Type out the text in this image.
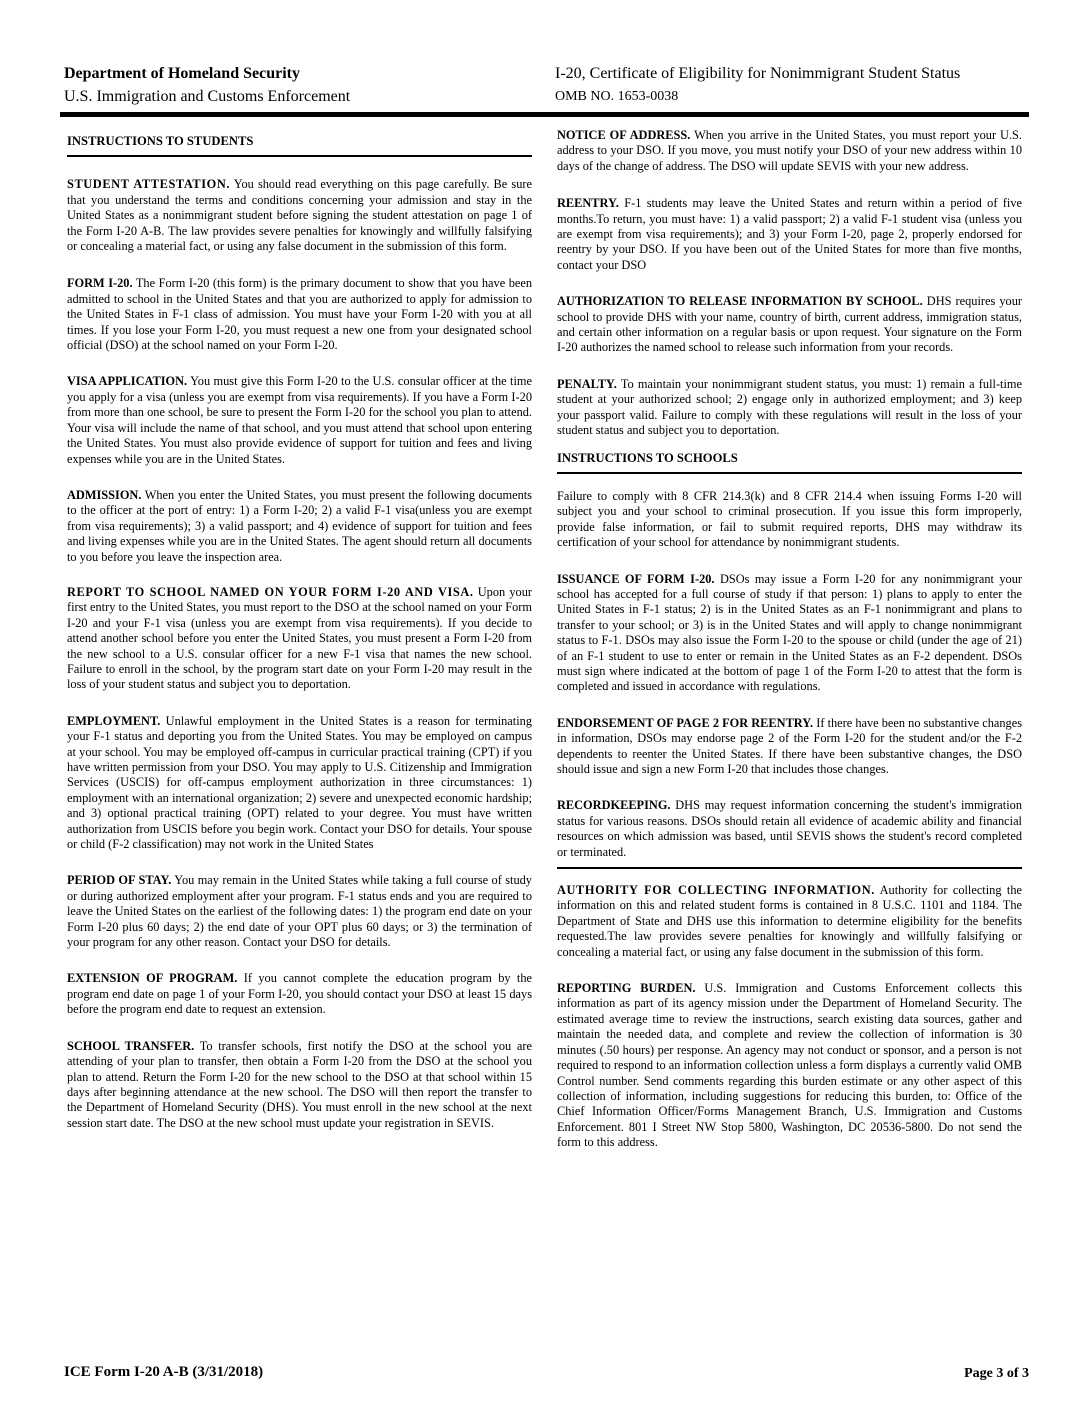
Department of Homeland Security
U.S. Immigration and Customs Enforcement
I-20, Certificate of Eligibility for Nonimmigrant Student Status
OMB NO. 1653-0038

INSTRUCTIONS TO STUDENTS

STUDENT ATTESTATION. You should read everything on this page carefully. Be sure that you understand the terms and conditions concerning your admission and stay in the United States as a nonimmigrant student before signing the student attestation on page 1 of the Form I-20 A-B. The law provides severe penalties for knowingly and willfully falsifying or concealing a material fact, or using any false document in the submission of this form.

FORM I-20. The Form I-20 (this form) is the primary document to show that you have been admitted to school in the United States and that you are authorized to apply for admission to the United States in F-1 class of admission. You must have your Form I-20 with you at all times. If you lose your Form I-20, you must request a new one from your designated school official (DSO) at the school named on your Form I-20.

VISA APPLICATION. You must give this Form I-20 to the U.S. consular officer at the time you apply for a visa (unless you are exempt from visa requirements). If you have a Form I-20 from more than one school, be sure to present the Form I-20 for the school you plan to attend. Your visa will include the name of that school, and you must attend that school upon entering the United States. You must also provide evidence of support for tuition and fees and living expenses while you are in the United States.

ADMISSION. When you enter the United States, you must present the following documents to the officer at the port of entry: 1) a Form I-20; 2) a valid F-1 visa(unless you are exempt from visa requirements); 3) a valid passport; and 4) evidence of support for tuition and fees and living expenses while you are in the United States. The agent should return all documents to you before you leave the inspection area.

REPORT TO SCHOOL NAMED ON YOUR FORM I-20 AND VISA. Upon your first entry to the United States, you must report to the DSO at the school named on your Form I-20 and your F-1 visa (unless you are exempt from visa requirements). If you decide to attend another school before you enter the United States, you must present a Form I-20 from the new school to a U.S. consular officer for a new F-1 visa that names the new school. Failure to enroll in the school, by the program start date on your Form I-20 may result in the loss of your student status and subject you to deportation.

EMPLOYMENT. Unlawful employment in the United States is a reason for terminating your F-1 status and deporting you from the United States. You may be employed on campus at your school. You may be employed off-campus in curricular practical training (CPT) if you have written permission from your DSO. You may apply to U.S. Citizenship and Immigration Services (USCIS) for off-campus employment authorization in three circumstances: 1) employment with an international organization; 2) severe and unexpected economic hardship; and 3) optional practical training (OPT) related to your degree. You must have written authorization from USCIS before you begin work. Contact your DSO for details. Your spouse or child (F-2 classification) may not work in the United States

PERIOD OF STAY. You may remain in the United States while taking a full course of study or during authorized employment after your program. F-1 status ends and you are required to leave the United States on the earliest of the following dates: 1) the program end date on your Form I-20 plus 60 days; 2) the end date of your OPT plus 60 days; or 3) the termination of your program for any other reason. Contact your DSO for details.

EXTENSION OF PROGRAM. If you cannot complete the education program by the program end date on page 1 of your Form I-20, you should contact your DSO at least 15 days before the program end date to request an extension.

SCHOOL TRANSFER. To transfer schools, first notify the DSO at the school you are attending of your plan to transfer, then obtain a Form I-20 from the DSO at the school you plan to attend. Return the Form I-20 for the new school to the DSO at that school within 15 days after beginning attendance at the new school. The DSO will then report the transfer to the Department of Homeland Security (DHS). You must enroll in the new school at the next session start date. The DSO at the new school must update your registration in SEVIS.

NOTICE OF ADDRESS. When you arrive in the United States, you must report your U.S. address to your DSO. If you move, you must notify your DSO of your new address within 10 days of the change of address. The DSO will update SEVIS with your new address.

REENTRY. F-1 students may leave the United States and return within a period of five months.To return, you must have: 1) a valid passport; 2) a valid F-1 student visa (unless you are exempt from visa requirements); and 3) your Form I-20, page 2, properly endorsed for reentry by your DSO. If you have been out of the United States for more than five months, contact your DSO

AUTHORIZATION TO RELEASE INFORMATION BY SCHOOL. DHS requires your school to provide DHS with your name, country of birth, current address, immigration status, and certain other information on a regular basis or upon request. Your signature on the Form I-20 authorizes the named school to release such information from your records.

PENALTY. To maintain your nonimmigrant student status, you must: 1) remain a full-time student at your authorized school; 2) engage only in authorized employment; and 3) keep your passport valid. Failure to comply with these regulations will result in the loss of your student status and subject you to deportation.

INSTRUCTIONS TO SCHOOLS

Failure to comply with 8 CFR 214.3(k) and 8 CFR 214.4 when issuing Forms I-20 will subject you and your school to criminal prosecution. If you issue this form improperly, provide false information, or fail to submit required reports, DHS may withdraw its certification of your school for attendance by nonimmigrant students.

ISSUANCE OF FORM I-20. DSOs may issue a Form I-20 for any nonimmigrant your school has accepted for a full course of study if that person: 1) plans to apply to enter the United States in F-1 status; 2) is in the United States as an F-1 nonimmigrant and plans to transfer to your school; or 3) is in the United States and will apply to change nonimmigrant status to F-1. DSOs may also issue the Form I-20 to the spouse or child (under the age of 21) of an F-1 student to use to enter or remain in the United States as an F-2 dependent. DSOs must sign where indicated at the bottom of page 1 of the Form I-20 to attest that the form is completed and issued in accordance with regulations.

ENDORSEMENT OF PAGE 2 FOR REENTRY. If there have been no substantive changes in information, DSOs may endorse page 2 of the Form I-20 for the student and/or the F-2 dependents to reenter the United States. If there have been substantive changes, the DSO should issue and sign a new Form I-20 that includes those changes.

RECORDKEEPING. DHS may request information concerning the student's immigration status for various reasons. DSOs should retain all evidence of academic ability and financial resources on which admission was based, until SEVIS shows the student's record completed or terminated.

AUTHORITY FOR COLLECTING INFORMATION. Authority for collecting the information on this and related student forms is contained in 8 U.S.C. 1101 and 1184. The Department of State and DHS use this information to determine eligibility for the benefits requested.The law provides severe penalties for knowingly and willfully falsifying or concealing a material fact, or using any false document in the submission of this form.

REPORTING BURDEN. U.S. Immigration and Customs Enforcement collects this information as part of its agency mission under the Department of Homeland Security. The estimated average time to review the instructions, search existing data sources, gather and maintain the needed data, and complete and review the collection of information is 30 minutes (.50 hours) per response. An agency may not conduct or sponsor, and a person is not required to respond to an information collection unless a form displays a currently valid OMB Control number. Send comments regarding this burden estimate or any other aspect of this collection of information, including suggestions for reducing this burden, to: Office of the Chief Information Officer/Forms Management Branch, U.S. Immigration and Customs Enforcement. 801 I Street NW Stop 5800, Washington, DC 20536-5800. Do not send the form to this address.

ICE Form I-20 A-B (3/31/2018)	Page 3 of 3
